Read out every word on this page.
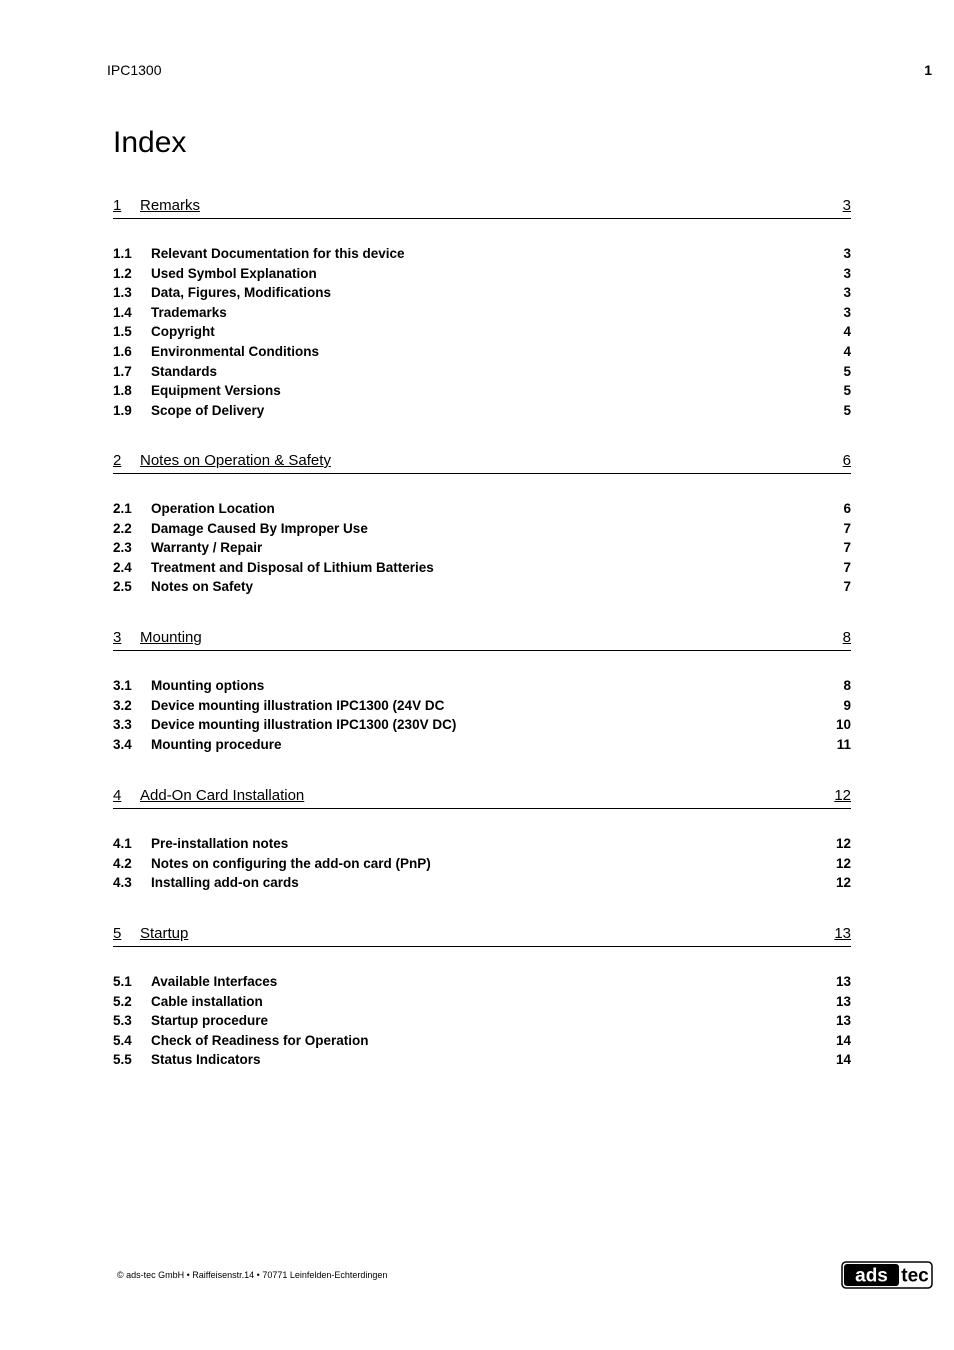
IPC1300	1
Index
1 Remarks	3
1.1 Relevant Documentation for this device	3
1.2 Used Symbol Explanation	3
1.3 Data, Figures, Modifications	3
1.4 Trademarks	3
1.5 Copyright	4
1.6 Environmental Conditions	4
1.7 Standards	5
1.8 Equipment Versions	5
1.9 Scope of Delivery	5
2 Notes on Operation & Safety	6
2.1 Operation Location	6
2.2 Damage Caused By Improper Use	7
2.3 Warranty / Repair	7
2.4 Treatment and Disposal of Lithium Batteries	7
2.5 Notes on Safety	7
3 Mounting	8
3.1 Mounting options	8
3.2 Device mounting illustration IPC1300 (24V DC	9
3.3 Device mounting illustration IPC1300 (230V DC)	10
3.4 Mounting procedure	11
4 Add-On Card Installation	12
4.1 Pre-installation notes	12
4.2 Notes on configuring the add-on card (PnP)	12
4.3 Installing add-on cards	12
5 Startup	13
5.1 Available Interfaces	13
5.2 Cable installation	13
5.3 Startup procedure	13
5.4 Check of Readiness for Operation	14
5.5 Status Indicators	14
© ads-tec GmbH • Raiffeisenstr.14 • 70771 Leinfelden-Echterdingen	ads tec
